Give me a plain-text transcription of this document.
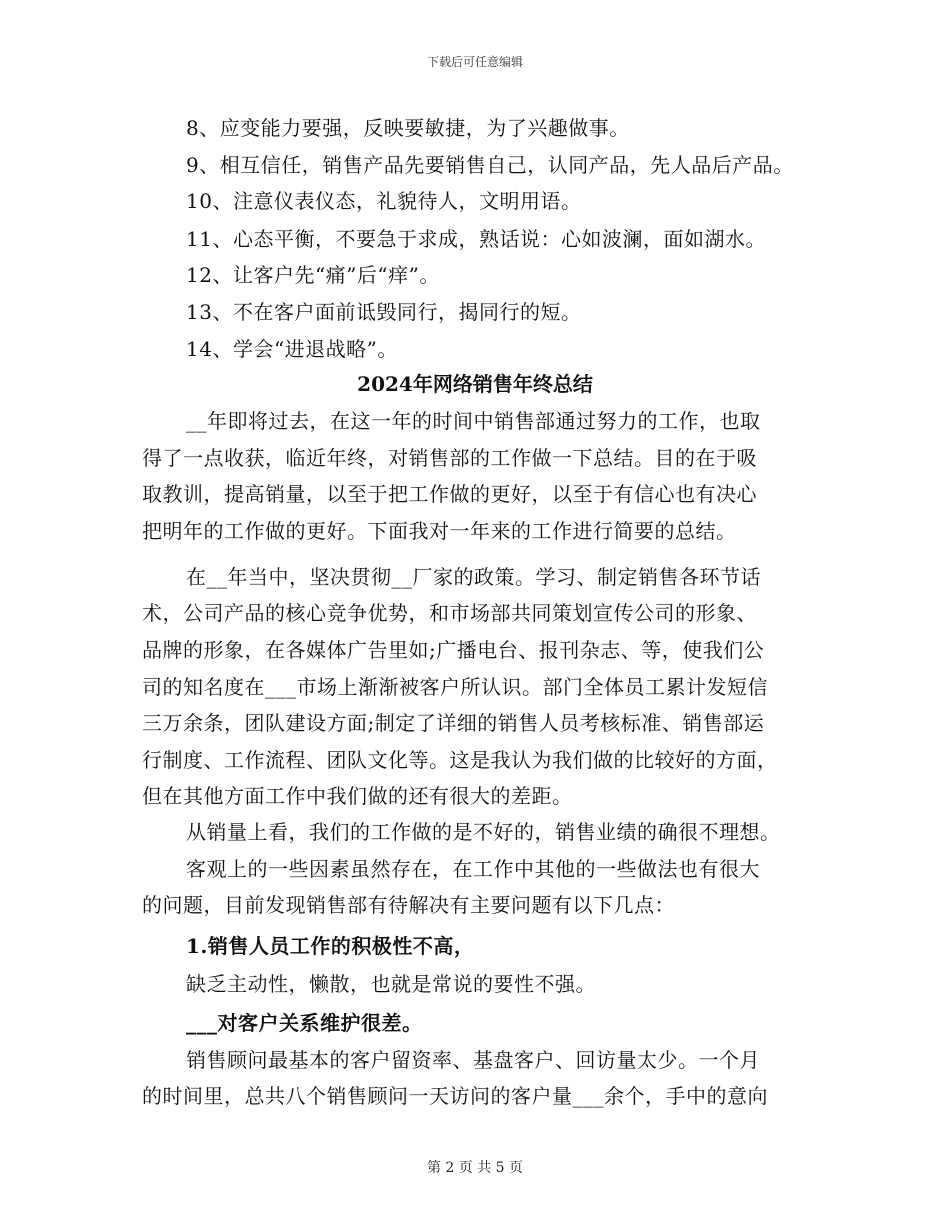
下载后可任意编辑
8、应变能力要强，反映要敏捷，为了兴趣做事。
9、相互信任，销售产品先要销售自己，认同产品，先人品后产品。
10、注意仪表仪态，礼貌待人，文明用语。
11、心态平衡，不要急于求成，熟话说：心如波澜，面如湖水。
12、让客户先“痛”后“痒”。
13、不在客户面前诋毁同行，揭同行的短。
14、学会“进退战略”。
2024年网络销售年终总结
__年即将过去，在这一年的时间中销售部通过努力的工作，也取
得了一点收获，临近年终，对销售部的工作做一下总结。目的在于吸
取教训，提高销量，以至于把工作做的更好，以至于有信心也有决心
把明年的工作做的更好。下面我对一年来的工作进行简要的总结。
在__年当中，坚决贯彻__厂家的政策。学习、制定销售各环节话
术，公司产品的核心竞争优势，和市场部共同策划宣传公司的形象、
品牌的形象，在各媒体广告里如;广播电台、报刊杂志、等，使我们公
司的知名度在___市场上渐渐被客户所认识。部门全体员工累计发短信
三万余条，团队建设方面;制定了详细的销售人员考核标准、销售部运
行制度、工作流程、团队文化等。这是我认为我们做的比较好的方面，
但在其他方面工作中我们做的还有很大的差距。
从销量上看，我们的工作做的是不好的，销售业绩的确很不理想。
客观上的一些因素虽然存在，在工作中其他的一些做法也有很大
的问题，目前发现销售部有待解决有主要问题有以下几点：
1.销售人员工作的积极性不高，
缺乏主动性，懒散，也就是常说的要性不强。
___对客户关系维护很差。
销售顾问最基本的客户留资率、基盘客户、回访量太少。一个月
的时间里，总共八个销售顾问一天访问的客户量___余个，手中的意向
第 2 页 共 5 页
